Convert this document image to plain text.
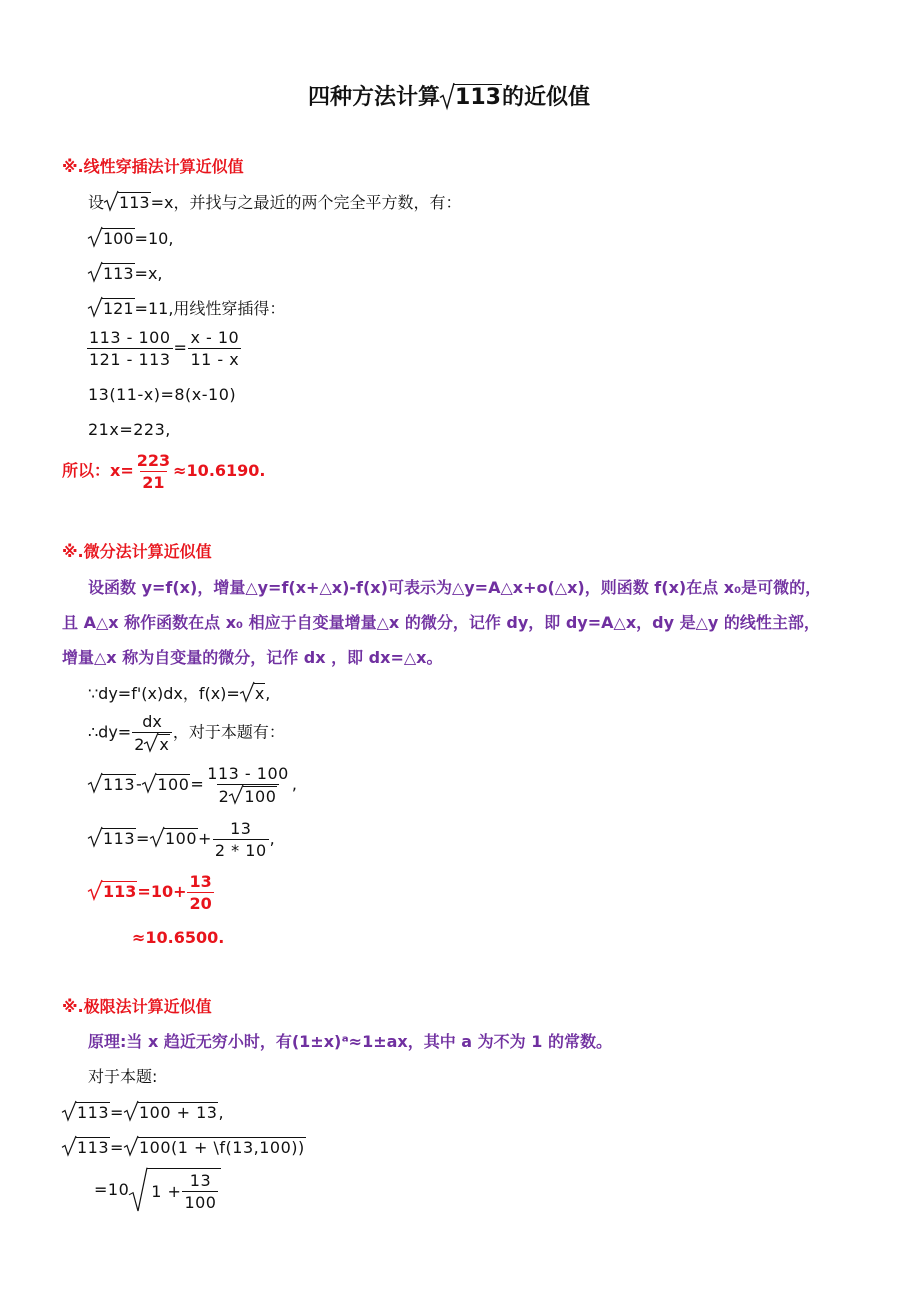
四种方法计算 113的近似值
※.线性穿插法计算近似值
设 113=x，并找与之最近的两个完全平方数，有：
100=10,
113=x,
121=11,用线性穿插得：
$\frac{113 - 100}{121 - 113} = \frac{x - 10}{11 - x}$
13(11-x)=8(x-10)
21x=223,
所以：$x= \frac{223}{21} \approx 10.6190$.
※.微分法计算近似值
设函数 y=f(x)，增量△y=f(x+△x)-f(x)可表示为△y=A△x+o(△x)，则函数 f(x)在点 x₀是可微的，
且 A△x 称作函数在点 x₀ 相应于自变量增量△x 的微分，记作 dy，即 dy=A△x，dy 是△y 的线性主部，
增量△x 称为自变量的微分，记作 dx ，即 dx=△x。
∵dy=f'(x)dx，f(x)= x,
∴dy= $\frac{dx}{2 x}$ ，对于本题有：
113- $100= \frac{113 - 100}{2 100}$ ,
$113= 100+ \frac{13}{2 * 10}$ ,
$113=10+ \frac{13}{20}$
≈10.6500.
※.极限法计算近似值
原理:当 x 趋近无穷小时，有(1±x)ᵃ≈1±ax，其中 a 为不为 1 的常数。
对于本题:
113= 100 + 13,
113= 100(1 + \f(13,100))
=10 $1 + \frac{13}{100}$
